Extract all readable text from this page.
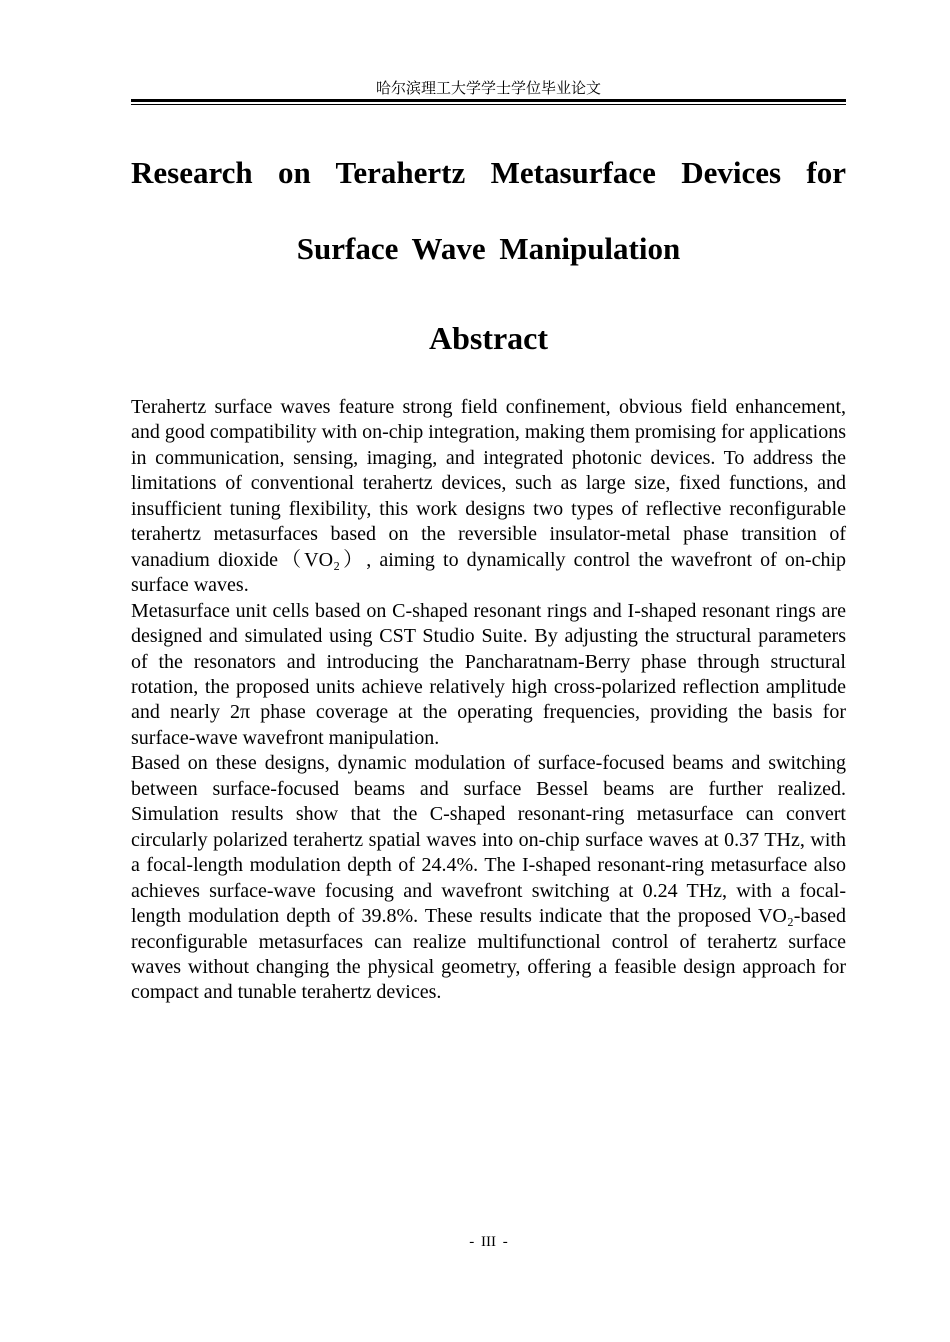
哈尔滨理工大学学士学位毕业论文
Research on Terahertz Metasurface Devices for
Surface Wave Manipulation
Abstract

Terahertz surface waves feature strong field confinement, obvious field enhancement, and good compatibility with on-chip integration, making them promising for applications in communication, sensing, imaging, and integrated photonic devices. To address the limitations of conventional terahertz devices, such as large size, fixed functions, and insufficient tuning flexibility, this work designs two types of reflective reconfigurable terahertz metasurfaces based on the reversible insulator‑metal phase transition of vanadium dioxide（VO₂）, aiming to dynamically control the wavefront of on-chip surface waves.

Metasurface unit cells based on C-shaped resonant rings and I-shaped resonant rings are designed and simulated using CST Studio Suite. By adjusting the structural parameters of the resonators and introducing the Pancharatnam-Berry phase through structural rotation, the proposed units achieve relatively high cross-polarized reflection amplitude and nearly 2π phase coverage at the operating frequencies, providing the basis for surface-wave wavefront manipulation.

Based on these designs, dynamic modulation of surface-focused beams and switching between surface-focused beams and surface Bessel beams are further realized. Simulation results show that the C-shaped resonant-ring metasurface can convert circularly polarized terahertz spatial waves into on-chip surface waves at 0.37 THz, with a focal-length modulation depth of 24.4%. The I-shaped resonant-ring metasurface also achieves surface-wave focusing and wavefront switching at 0.24 THz, with a focal-length modulation depth of 39.8%. These results indicate that the proposed VO₂-based reconfigurable metasurfaces can realize multifunctional control of terahertz surface waves without changing the physical geometry, offering a feasible design approach for compact and tunable terahertz devices.

- III -
